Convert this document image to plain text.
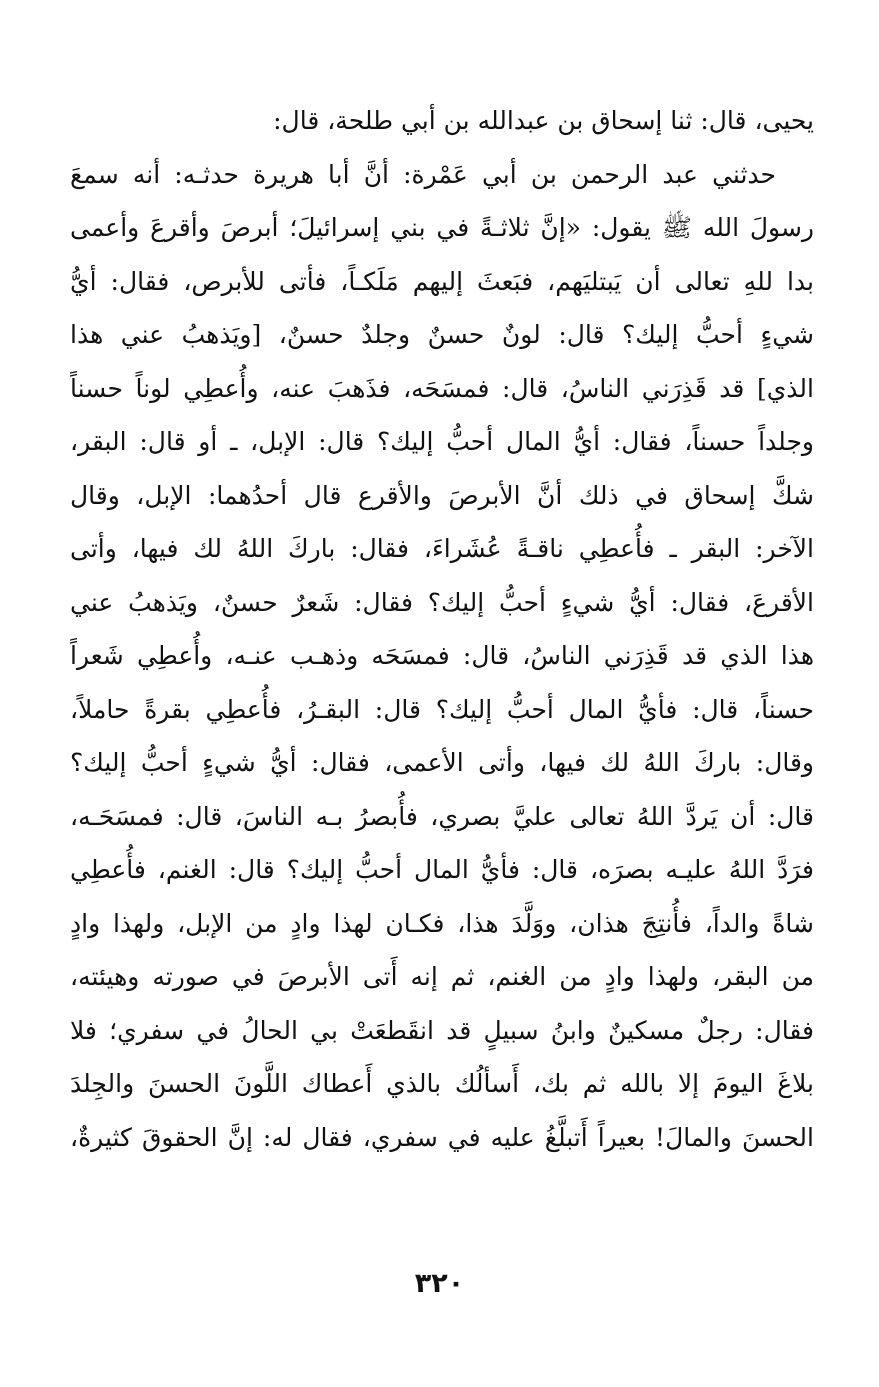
يحيى، قال: ثنا إسحاق بن عبدالله بن أبي طلحة، قال:
حدثني عبد الرحمن بن أبي عَمْرة: أنَّ أبا هريرة حدثـه: أنه سمعَ
رسولَ الله ﷺ يقول: «إنَّ ثلاثـةً في بني إسرائيلَ؛ أبرصَ وأقرعَ وأعمى
بدا للهِ تعالى أن يَبتليَهم، فبَعثَ إليهم مَلَكـاً، فأتى للأبرص، فقال: أيُّ
شيءٍ أحبُّ إليك؟ قال: لونٌ حسنٌ وجلدٌ حسنٌ، [ويَذهبُ عني هذا
الذي] قد قَذِرَني الناسُ، قال: فمسَحَه، فذَهبَ عنه، وأُعطِي لوناً حسناً
وجلداً حسناً، فقال: أيُّ المال أحبُّ إليك؟ قال: الإبل، ـ أو قال: البقر،
شكَّ إسحاق في ذلك أنَّ الأبرصَ والأقرع قال أحدُهما: الإبل، وقال
الآخر: البقر ـ فأُعطِي ناقـةً عُشَراءَ، فقال: باركَ اللهُ لك فيها، وأتى
الأقرعَ، فقال: أيُّ شيءٍ أحبُّ إليك؟ فقال: شَعرٌ حسنٌ، ويَذهبُ عني
هذا الذي قد قَذِرَني الناسُ، قال: فمسَحَه وذهـب عنـه، وأُعطِي شَعراً
حسناً، قال: فأيُّ المال أحبُّ إليك؟ قال: البقـرُ، فأُعطِي بقرةً حاملاً،
وقال: باركَ اللهُ لك فيها، وأتى الأعمى، فقال: أيُّ شيءٍ أحبُّ إليك؟
قال: أن يَردَّ اللهُ تعالى عليَّ بصري، فأُبصرُ بـه الناسَ، قال: فمسَحَـه،
فرَدَّ اللهُ عليـه بصرَه، قال: فأيُّ المال أحبُّ إليك؟ قال: الغنم، فأُعطِي
شاةً والداً، فأُنتِجَ هذان، ووَلَّدَ هذا، فكـان لهذا وادٍ من الإبل، ولهذا وادٍ
من البقر، ولهذا وادٍ من الغنم، ثم إنه أَتى الأبرصَ في صورته وهيئته،
فقال: رجلٌ مسكينٌ وابنُ سبيلٍ قد انقَطعَتْ بي الحالُ في سفري؛ فلا
بلاغَ اليومَ إلا بالله ثم بك، أَسألُك بالذي أَعطاك اللَّونَ الحسنَ والجِلدَ
الحسنَ والمالَ! بعيراً أَتبلَّغُ عليه في سفري، فقال له: إنَّ الحقوقَ كثيرةٌ،
٣٢٠
